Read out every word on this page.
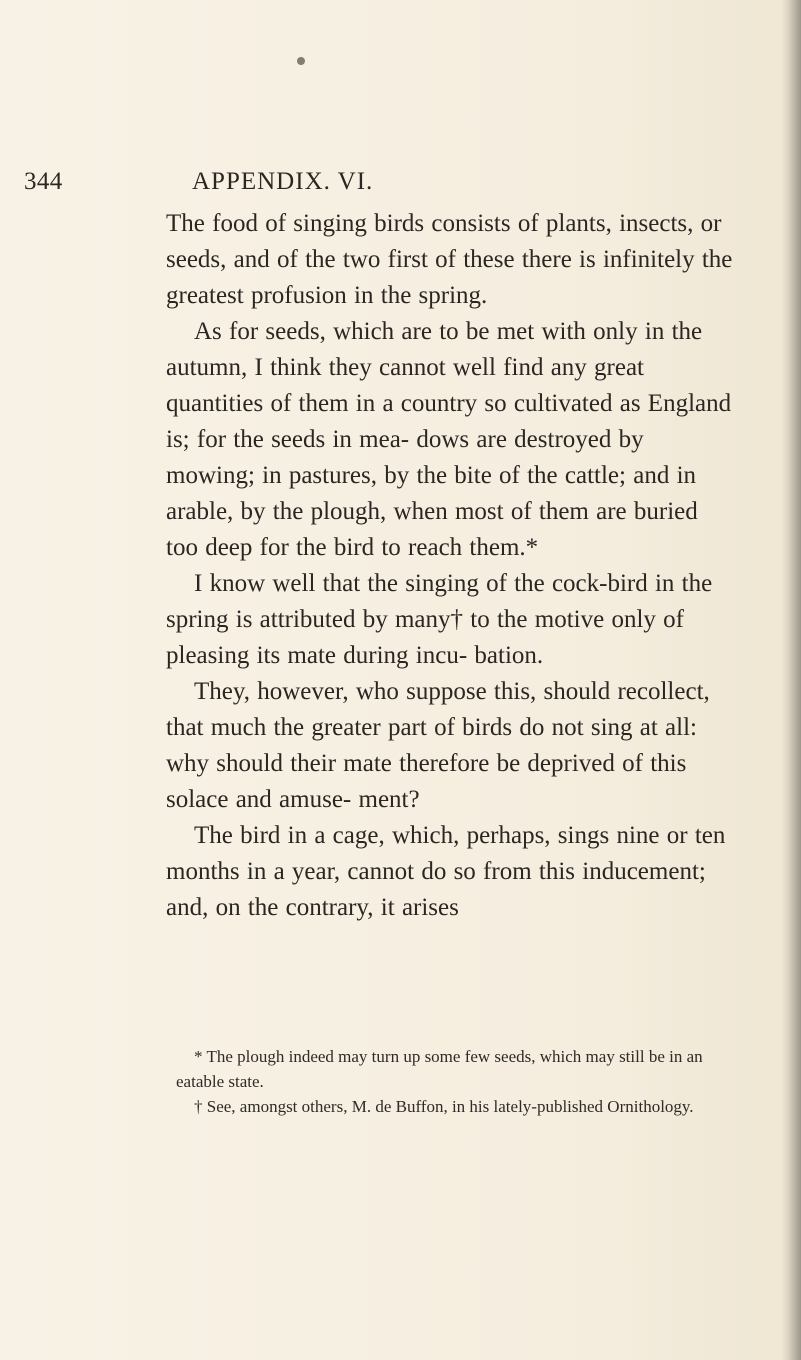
344	APPENDIX. VI.

The food of singing birds consists of plants, insects, or seeds, and of the two first of these there is infinitely the greatest profusion in the spring.

As for seeds, which are to be met with only in the autumn, I think they cannot well find any great quantities of them in a country so cultivated as England is; for the seeds in mea- dows are destroyed by mowing; in pastures, by the bite of the cattle; and in arable, by the plough, when most of them are buried too deep for the bird to reach them.*

I know well that the singing of the cock-bird in the spring is attributed by many† to the motive only of pleasing its mate during incu- bation.

They, however, who suppose this, should recollect, that much the greater part of birds do not sing at all: why should their mate therefore be deprived of this solace and amuse- ment?

The bird in a cage, which, perhaps, sings nine or ten months in a year, cannot do so from this inducement; and, on the contrary, it arises

* The plough indeed may turn up some few seeds, which may still be in an eatable state.

† See, amongst others, M. de Buffon, in his lately-published Ornithology.
